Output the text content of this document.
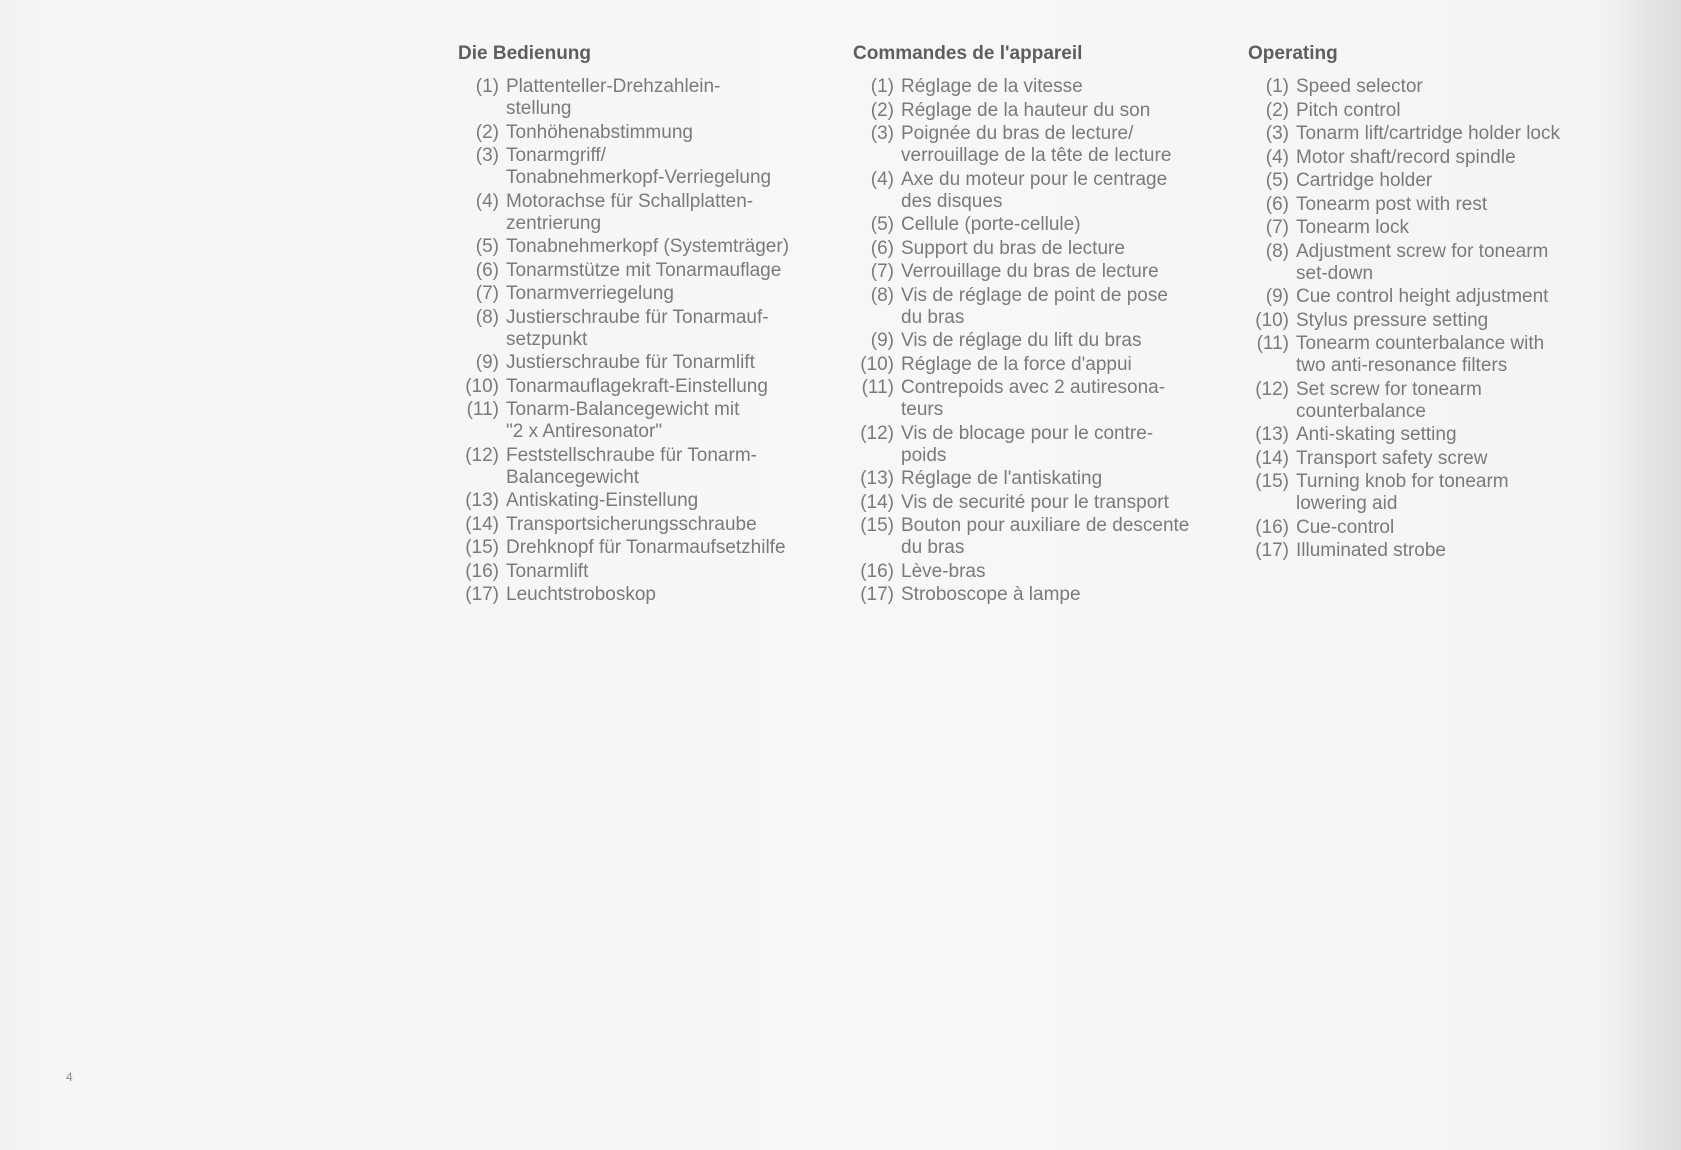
Die Bedienung
(1) Plattenteller-Drehzahlein-
stellung
(2) Tonhöhenabstimmung
(3) Tonarmgriff/
Tonabnehmerkopf-Verriegelung
(4) Motorachse für Schallplatten-
zentrierung
(5) Tonabnehmerkopf (Systemträger)
(6) Tonarmstütze mit Tonarmauflage
(7) Tonarmverriegelung
(8) Justierschraube für Tonarmauf-
setzpunkt
(9) Justierschraube für Tonarmlift
(10) Tonarmauflagekraft-Einstellung
(11) Tonarm-Balancegewicht mit
"2 x Antiresonator"
(12) Feststellschraube für Tonarm-
Balancegewicht
(13) Antiskating-Einstellung
(14) Transportsicherungsschraube
(15) Drehknopf für Tonarmaufsetzhilfe
(16) Tonarmlift
(17) Leuchtstroboskop
Commandes de l'appareil
(1) Réglage de la vitesse
(2) Réglage de la hauteur du son
(3) Poignée du bras de lecture/
verrouillage de la tête de lecture
(4) Axe du moteur pour le centrage
des disques
(5) Cellule (porte-cellule)
(6) Support du bras de lecture
(7) Verrouillage du bras de lecture
(8) Vis de réglage de point de pose
du bras
(9) Vis de réglage du lift du bras
(10) Réglage de la force d'appui
(11) Contrepoids avec 2 autiresona-
teurs
(12) Vis de blocage pour le contre-
poids
(13) Réglage de l'antiskating
(14) Vis de securité pour le transport
(15) Bouton pour auxiliare de descente
du bras
(16) Lève-bras
(17) Stroboscope à lampe
Operating
(1) Speed selector
(2) Pitch control
(3) Tonarm lift/cartridge holder lock
(4) Motor shaft/record spindle
(5) Cartridge holder
(6) Tonearm post with rest
(7) Tonearm lock
(8) Adjustment screw for tonearm
set-down
(9) Cue control height adjustment
(10) Stylus pressure setting
(11) Tonearm counterbalance with
two anti-resonance filters
(12) Set screw for tonearm
counterbalance
(13) Anti-skating setting
(14) Transport safety screw
(15) Turning knob for tonearm
lowering aid
(16) Cue-control
(17) Illuminated strobe
4
